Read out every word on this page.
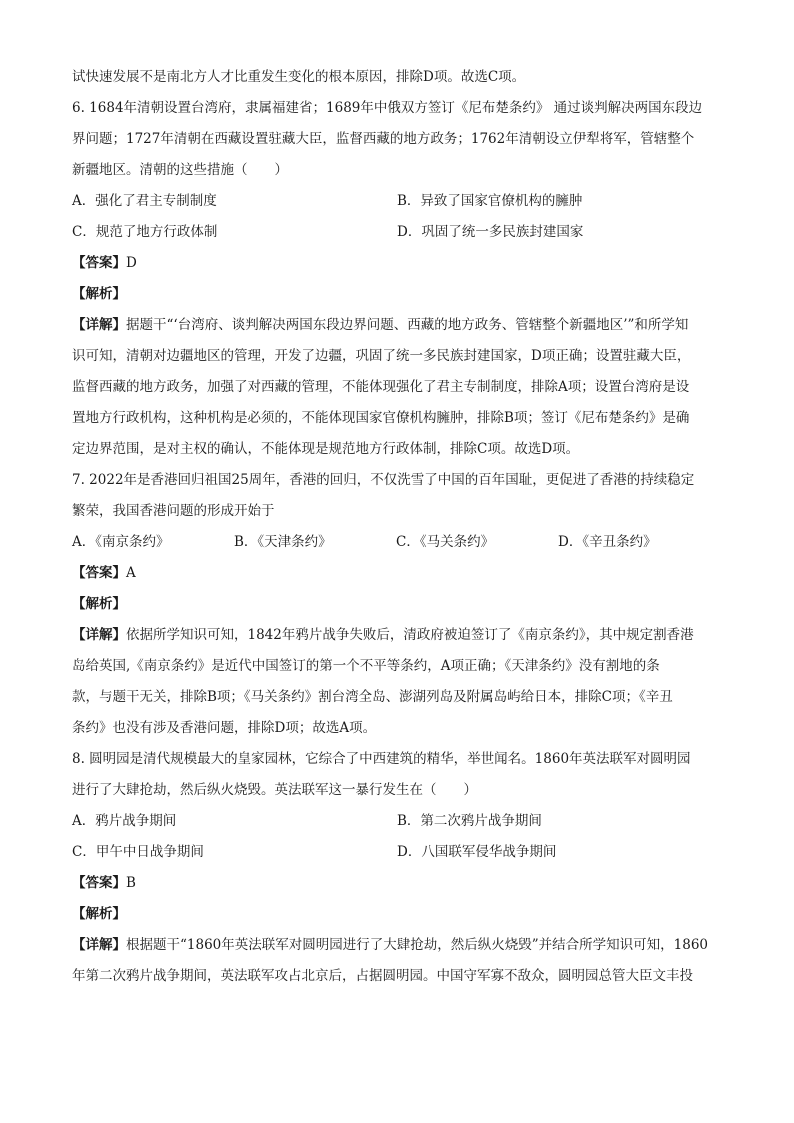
试快速发展不是南北方人才比重发生变化的根本原因，排除D项。故选C项。
6. 1684年清朝设置台湾府，隶属福建省；1689年中俄双方签订《尼布楚条约》 通过谈判解决两国东段边
界问题；1727年清朝在西藏设置驻藏大臣，监督西藏的地方政务；1762年清朝设立伊犁将军，管辖整个
新疆地区。清朝的这些措施（　　）
A．强化了君主专制制度	B．异致了国家官僚机构的臃肿
C．规范了地方行政体制	D．巩固了统一多民族封建国家
【答案】D
【解析】
【详解】据题干“‘台湾府、谈判解决两国东段边界问题、西藏的地方政务、管辖整个新疆地区’”和所学知
识可知，清朝对边疆地区的管理，开发了边疆，巩固了统一多民族封建国家，D项正确；设置驻藏大臣，
监督西藏的地方政务，加强了对西藏的管理，不能体现强化了君主专制制度，排除A项；设置台湾府是设
置地方行政机构，这种机构是必须的，不能体现国家官僚机构臃肿，排除B项；签订《尼布楚条约》是确
定边界范围，是对主权的确认，不能体现是规范地方行政体制，排除C项。故选D项。
7. 2022年是香港回归祖国25周年，香港的回归，不仅洗雪了中国的百年国耻，更促进了香港的持续稳定
繁荣，我国香港问题的形成开始于
A．《南京条约》	B．《天津条约》	C．《马关条约》	D．《辛丑条约》
【答案】A
【解析】
【详解】依据所学知识可知，1842年鸦片战争失败后，清政府被迫签订了《南京条约》，其中规定割香港
岛给英国,《南京条约》是近代中国签订的第一个不平等条约，A项正确；《天津条约》没有割地的条
款，与题干无关，排除B项；《马关条约》割台湾全岛、澎湖列岛及附属岛屿给日本，排除C项；《辛丑
条约》也没有涉及香港问题，排除D项；故选A项。
8. 圆明园是清代规模最大的皇家园林，它综合了中西建筑的精华，举世闻名。1860年英法联军对圆明园
进行了大肆抢劫，然后纵火烧毁。英法联军这一暴行发生在（　　）
A．鸦片战争期间	B．第二次鸦片战争期间
C．甲午中日战争期间	D．八国联军侵华战争期间
【答案】B
【解析】
【详解】根据题干“1860年英法联军对圆明园进行了大肆抢劫，然后纵火烧毁”并结合所学知识可知，1860
年第二次鸦片战争期间，英法联军攻占北京后，占据圆明园。中国守军寡不敌众，圆明园总管大臣文丰投
